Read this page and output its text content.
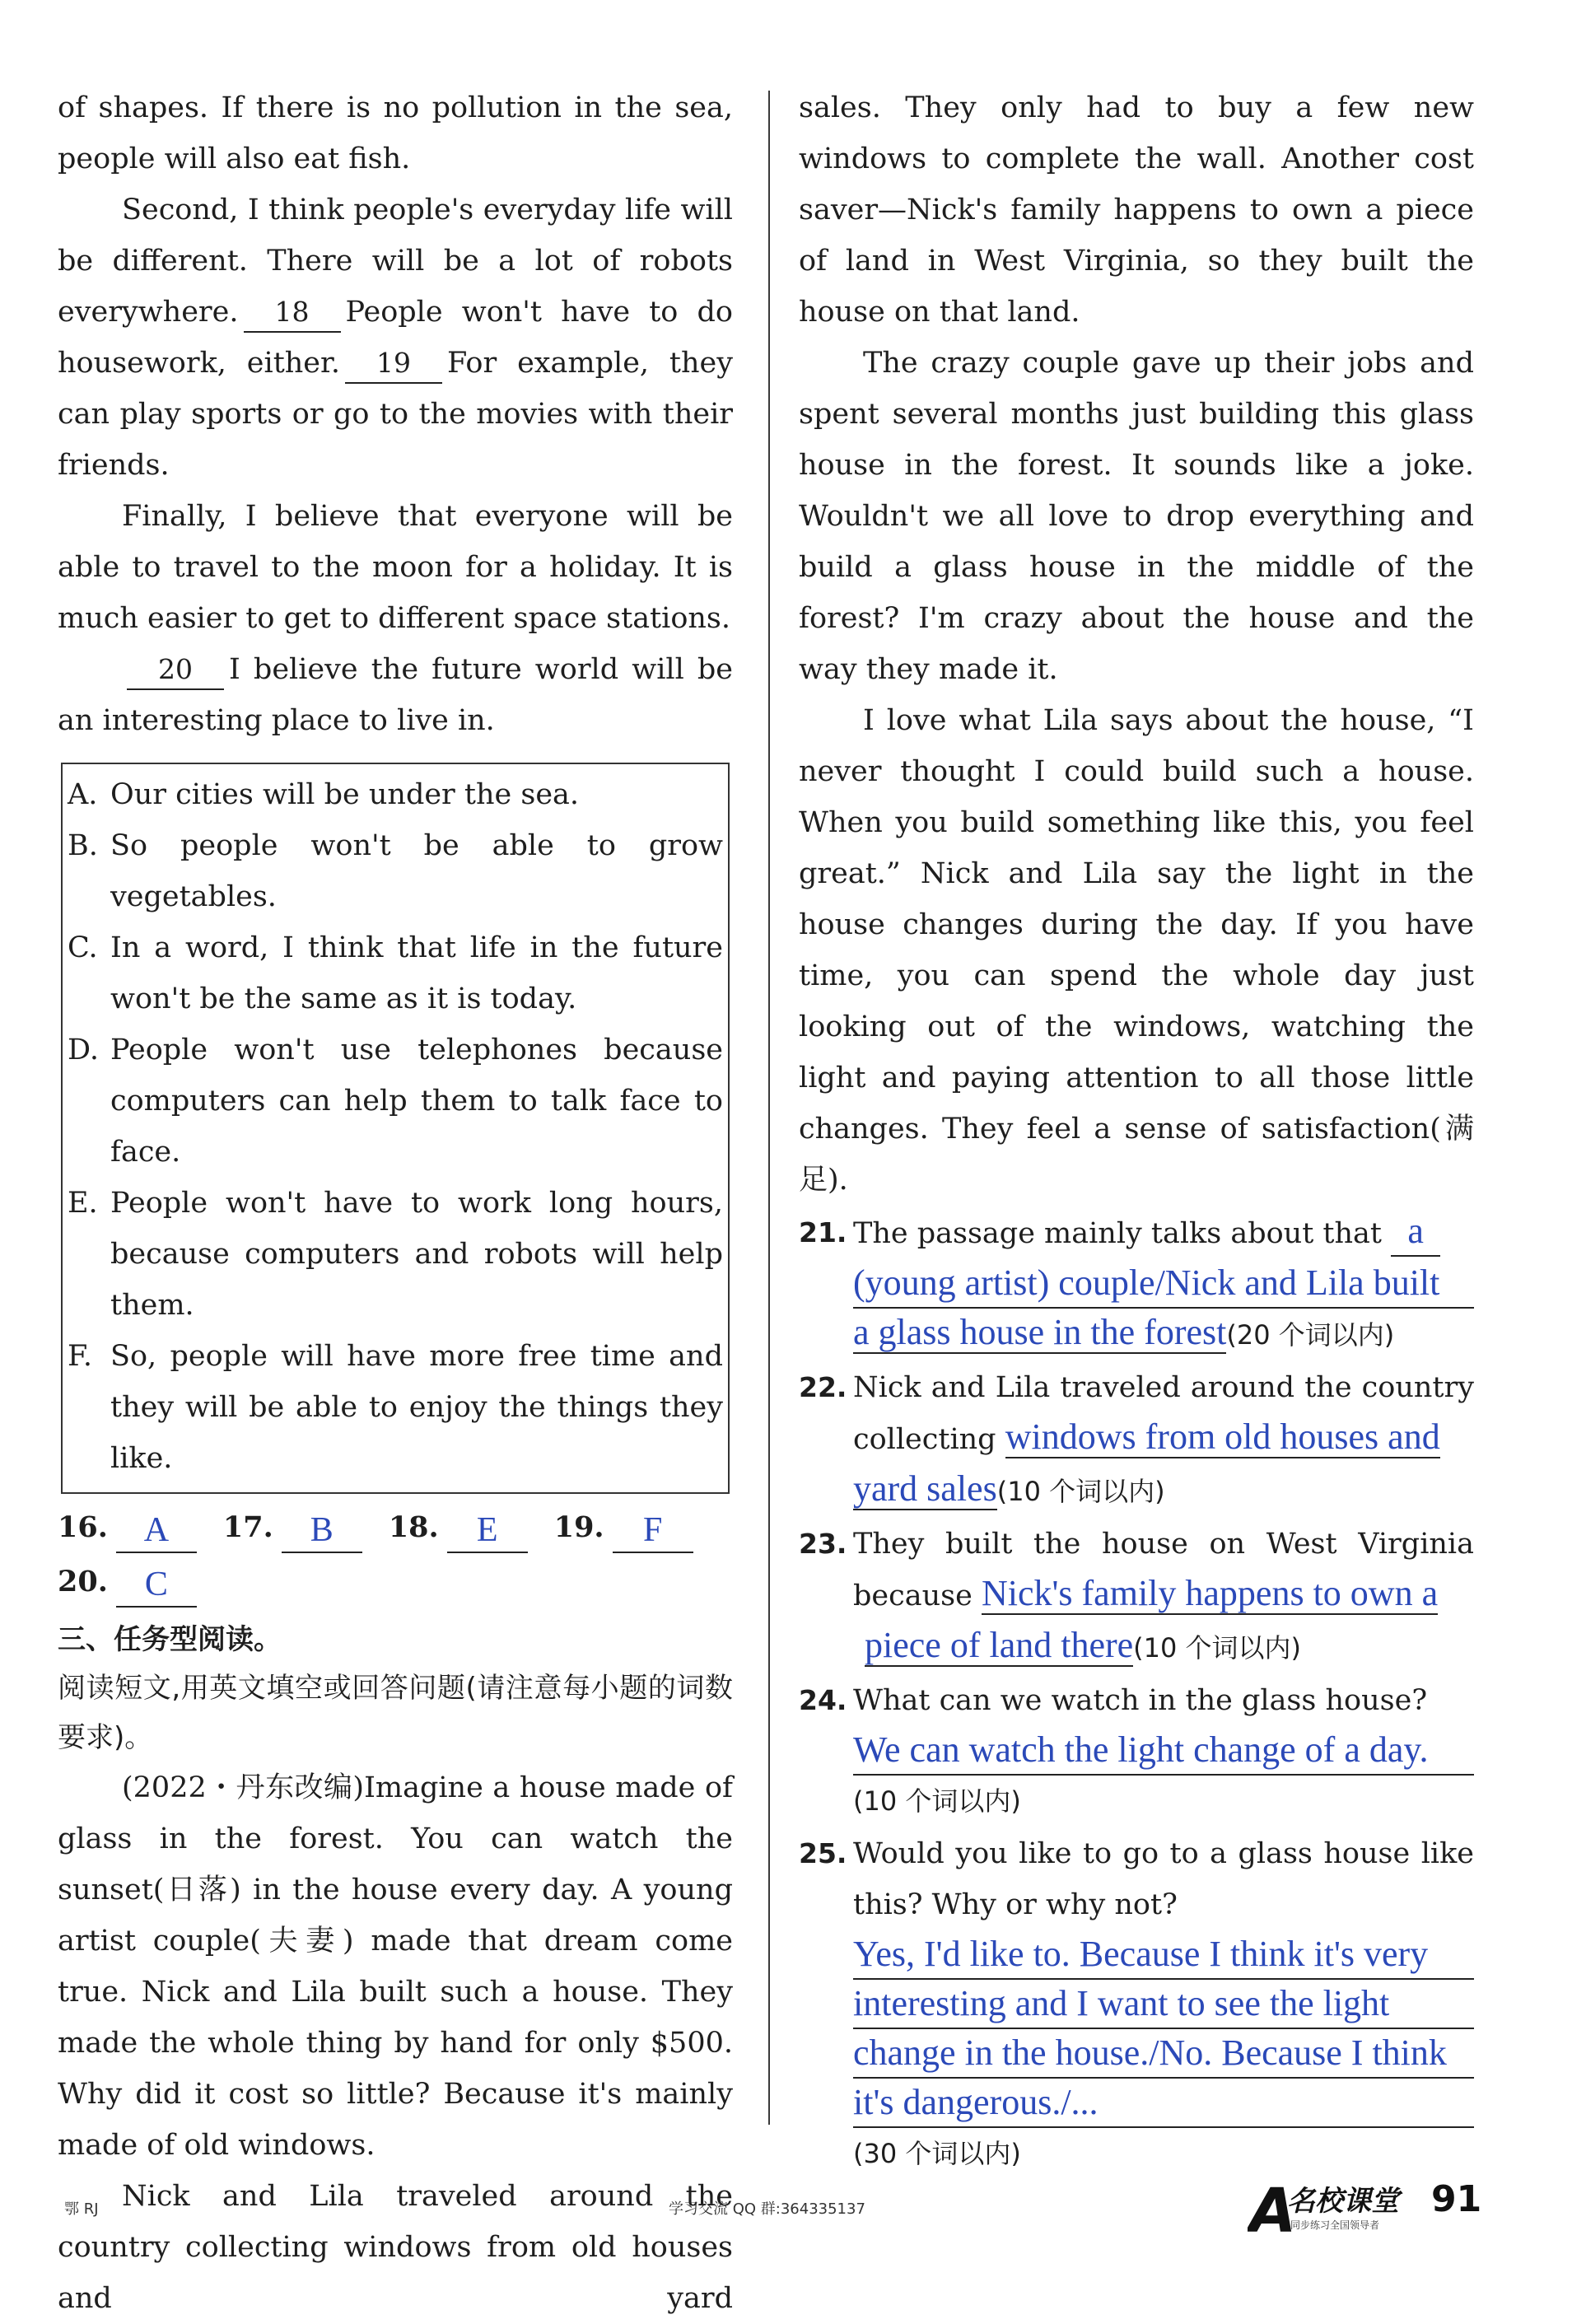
of shapes. If there is no pollution in the sea, people will also eat fish.

Second, I think people's everyday life will be different. There will be a lot of robots everywhere. 18 People won't have to do housework, either. 19 For example, they can play sports or go to the movies with their friends.

Finally, I believe that everyone will be able to travel to the moon for a holiday. It is much easier to get to different space stations.

20 I believe the future world will be an interesting place to live in.

A. Our cities will be under the sea.
B. So people won't be able to grow vegetables.
C. In a word, I think that life in the future won't be the same as it is today.
D. People won't use telephones because computers can help them to talk face to face.
E. People won't have to work long hours, because computers and robots will help them.
F. So, people will have more free time and they will be able to enjoy the things they like.
16.	A	17.	B	18.	E	19.	F
20.	C
三、任务型阅读。
阅读短文,用英文填空或回答问题(请注意每小题的词数要求)。

(2022・丹东改编)Imagine a house made of glass in the forest. You can watch the sunset(日落) in the house every day. A young artist couple(夫妻) made that dream come true. Nick and Lila built such a house. They made the whole thing by hand for only $500. Why did it cost so little? Because it's mainly made of old windows.

Nick and Lila traveled around the country collecting windows from old houses and yard

sales. They only had to buy a few new windows to complete the wall. Another cost saver—Nick's family happens to own a piece of land in West Virginia, so they built the house on that land.

The crazy couple gave up their jobs and spent several months just building this glass house in the forest. It sounds like a joke. Wouldn't we all love to drop everything and build a glass house in the middle of the forest? I'm crazy about the house and the way they made it.

I love what Lila says about the house, “I never thought I could build such a house. When you build something like this, you feel great.” Nick and Lila say the light in the house changes during the day. If you have time, you can spend the whole day just looking out of the windows, watching the light and paying attention to all those little changes. They feel a sense of satisfaction(满足).

21. The passage mainly talks about that a
(young artist) couple/Nick and Lila built
a glass house in the forest(20 个词以内)
22. Nick and Lila traveled around the country collecting windows from old houses and
yard sales(10 个词以内)
23. They built the house on West Virginia because Nick's family happens to own a
piece of land there(10 个词以内)
24. What can we watch in the glass house?
We can watch the light change of a day.
(10 个词以内)
25. Would you like to go to a glass house like this? Why or why not?
Yes, I'd like to. Because I think it's very
interesting and I want to see the light
change in the house./No. Because I think
it's dangerous./...
(30 个词以内)
鄂 RJ	学习交流 QQ 群:364335137	A
名校课堂
同步练习全国领导者
91
